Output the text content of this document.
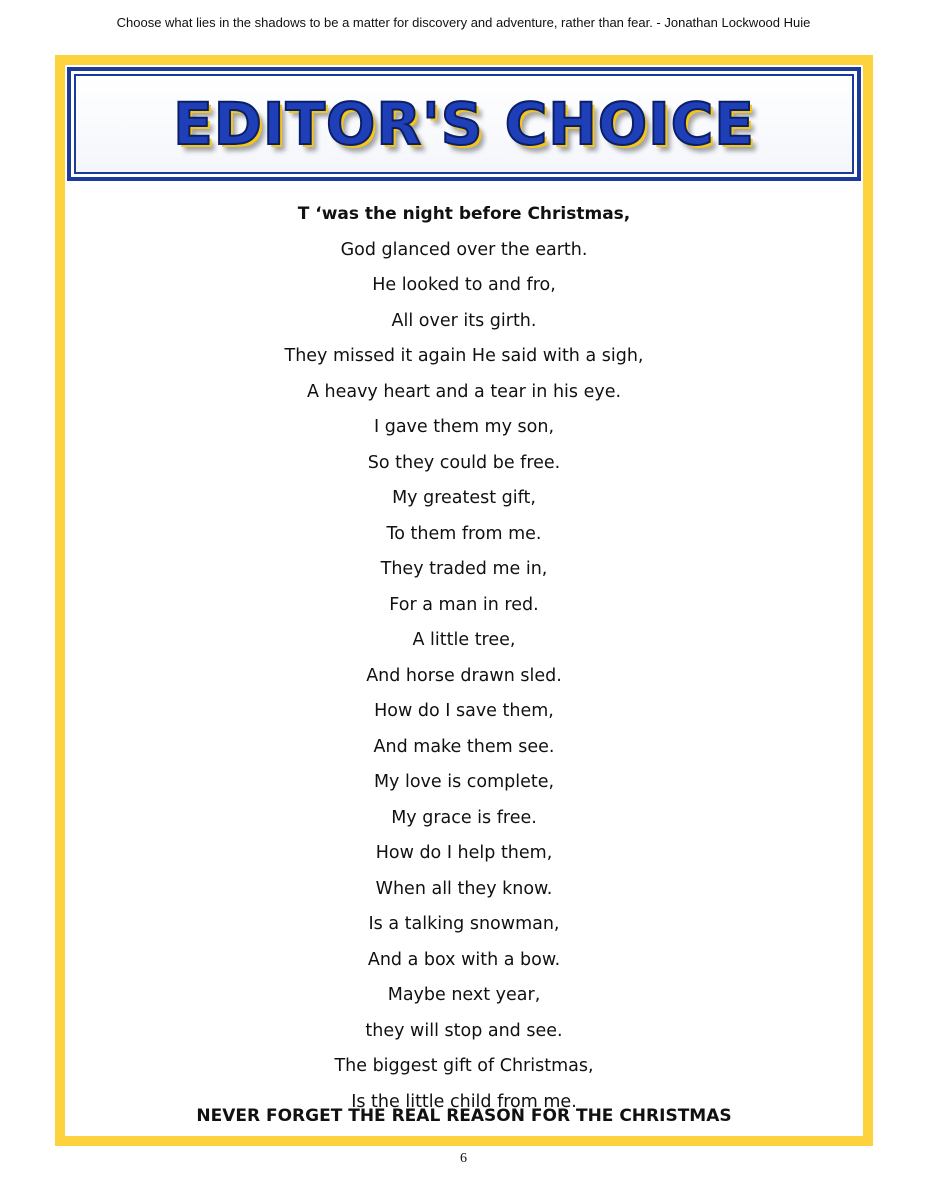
Choose what lies in the shadows to be a matter for discovery and adventure, rather than fear. - Jonathan Lockwood Huie
EDITOR'S CHOICE
T ‘was the night before Christmas,
God glanced over the earth.
He looked to and fro,
All over its girth.
They missed it again He said with a sigh,
A heavy heart and a tear in his eye.
I gave them my son,
So they could be free.
My greatest gift,
To them from me.
They traded me in,
For a man in red.
A little tree,
And horse drawn sled.
How do I save them,
And make them see.
My love is complete,
My grace is free.
How do I help them,
When all they know.
Is a talking snowman,
And a box with a bow.
Maybe next year,
they will stop and see.
The biggest gift of Christmas,
Is the little child from me.
NEVER FORGET THE REAL REASON FOR THE CHRISTMAS
6
